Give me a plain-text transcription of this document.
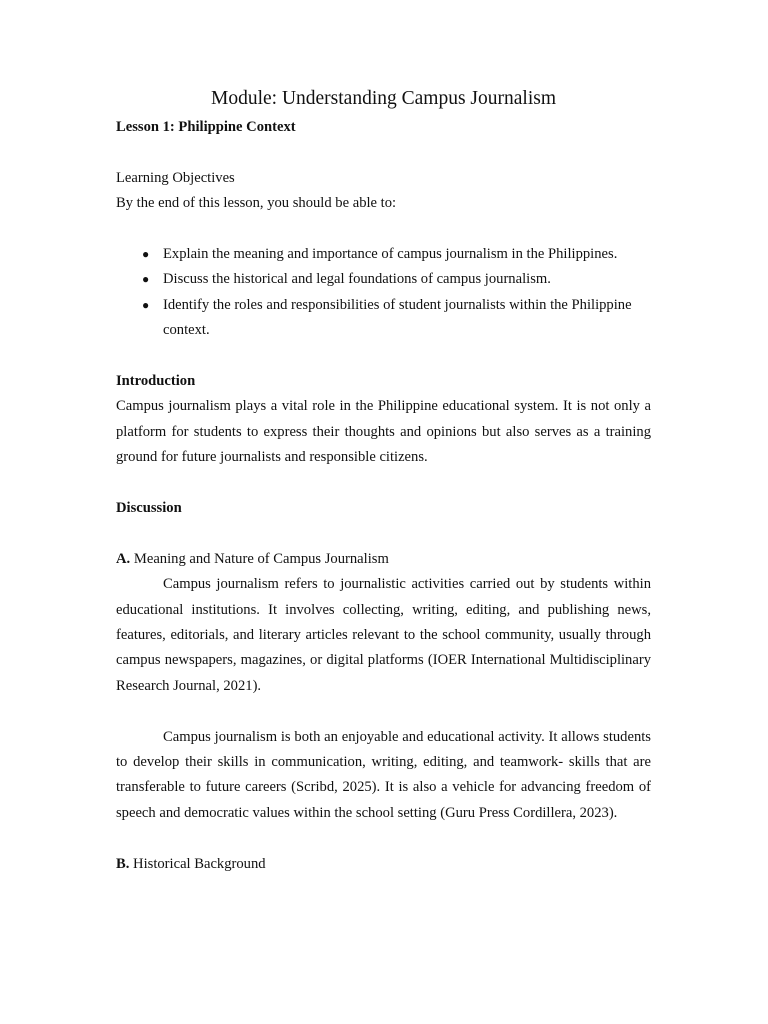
Module: Understanding Campus Journalism

Lesson 1: Philippine Context

Learning Objectives

By the end of this lesson, you should be able to:

● Explain the meaning and importance of campus journalism in the Philippines.
● Discuss the historical and legal foundations of campus journalism.
● Identify the roles and responsibilities of student journalists within the Philippine context.

Introduction

Campus journalism plays a vital role in the Philippine educational system. It is not only a platform for students to express their thoughts and opinions but also serves as a training ground for future journalists and responsible citizens.

Discussion

A. Meaning and Nature of Campus Journalism

Campus journalism refers to journalistic activities carried out by students within educational institutions. It involves collecting, writing, editing, and publishing news, features, editorials, and literary articles relevant to the school community, usually through campus newspapers, magazines, or digital platforms (IOER International Multidisciplinary Research Journal, 2021).

Campus journalism is both an enjoyable and educational activity. It allows students to develop their skills in communication, writing, editing, and teamwork- skills that are transferable to future careers (Scribd, 2025). It is also a vehicle for advancing freedom of speech and democratic values within the school setting (Guru Press Cordillera, 2023).

B. Historical Background
